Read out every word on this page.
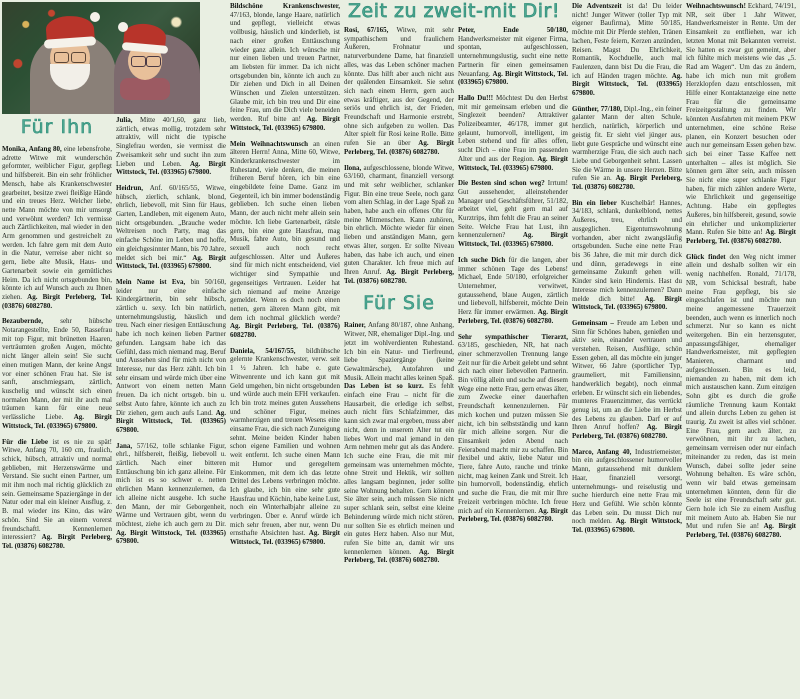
Zeit zu zweit-mit Dir!
Für Ihn

Monika, Anfang 80, eine lebensfrohe, adrette Witwe mit wunderschön geformter, weiblicher Figur, gepflegt und hilfsbereit. Bin ein sehr fröhlicher Mensch, habe als Krankenschwester gearbeitet, besitze zwei fleißige Hände und ein treues Herz. Welcher liebe, nette Mann möchte von mir umsorgt und verwöhnt werden? Ich vermisse auch Zärtlichkeiten, mal wieder in den Arm genommen und gestreichelt zu werden. Ich fahre gern mit dem Auto in die Natur, verreise aber nicht so gern, liebe alte Musik, Haus- und Gartenarbeit sowie ein gemütliches Heim. Da ich nicht ortsgebunden bin, könnte ich auf Wunsch auch zu Ihnen ziehen. Ag. Birgit Perleberg, Tel. (03876) 6082780.

Bezaubernde, sehr hübsche Notarangestellte, Ende 50, Rassefrau mit top Figur, mit brünetten Haaren, verträumten großen Augen, möchte nicht länger allein sein! Sie sucht einen mutigen Mann, der keine Angst vor einer schönen Frau hat. Sie ist sanft, anschmiegsam, zärtlich, kuschelig und wünscht sich einen normalen Mann, der mit ihr auch mal träumen kann für eine neue verlässliche Liebe. Ag. Birgit Wittstock, Tel. (033965) 679800.

Für die Liebe ist es nie zu spät! Witwe, Anfang 70, 160 cm, fraulich, schick, hübsch, attraktiv und normal geblieben, mit Herzenswärme und Verstand. Sie sucht einen Partner, um mit ihm noch mal richtig glücklich zu sein. Gemeinsame Spaziergänge in der Natur oder mal ein kleiner Ausflug, z. B. mal wieder ins Kino, das wäre schön. Sind Sie an einem vorerst freundschaftl. Kennenlernen interessiert? Ag. Birgit Perleberg, Tel. (03876) 6082780.

Julia, Mitte 40/1,60, ganz lieb, zärtlich, etwas mollig, trotzdem sehr attraktiv, will nicht die typische Singlefrau werden, sie vermisst die Zweisamkeit sehr und sucht ihn zum Lieben und Leben. Ag. Birgit Wittstock, Tel. (033965) 679800.

Heidrun, Anf. 60/165/55, Witwe, hübsch, zierlich, schlank, blond, ehrlich, liebevoll, mit Sinn für Haus, Garten, Landleben, mit eigenem Auto, nicht ortsgebunden. „Brauche weder Weltreisen noch Party, mag das einfache Schöne im Leben und hoffe, ein gleichgesinnter Mann, bis 70 Jahre, meldet sich bei mir.“ Ag. Birgit Wittstock, Tel. (033965) 679800.

Mein Name ist Eva, bin 50/160, leider nur eine einfache Kindergärtnerin, bin sehr hübsch, zärtlich u. sexy. Ich bin natürlich, unternehmungslustig, häuslich und treu. Nach einer riesigen Enttäuschung habe ich noch keinen lieben Partner gefunden. Langsam habe ich das Gefühl, dass mich niemand mag. Beruf und Aussehen sind für mich nicht von Interesse, nur das Herz zählt. Ich bin sehr einsam und würde mich über eine Antwort von einem netten Mann freuen. Da ich nicht ortsgeb. bin u. selbst Auto fahre, könnte ich auch zu Dir ziehen, gern auch aufs Land. Ag. Birgit Wittstock, Tel. (033965) 679800.

Jana, 57/162, tolle schlanke Figur, ehrl., hilfsbereit, fleißig, liebevoll u. zärtlich. Nach einer bitteren Enttäuschung bin ich ganz alleine. Für mich ist es so schwer e. netten ehrlichen Mann kennenzulernen, da ich alleine nicht ausgehe. Ich suche den Mann, der mir Geborgenheit, Wärme und Vertrauen gibt, wenn du möchtest, ziehe ich auch gern zu Dir. Ag. Birgit Wittstock, Tel. (033965) 679800.

Bildschöne Krankenschwester, 47/163, blonde, lange Haare, natürlich und gepflegt, vielleicht etwas vollbusig, häuslich und kinderlieb, ist nach einer großen Enttäuschung wieder ganz allein. Ich wünsche mir nur einen lieben und treuen Partner, am liebsten für immer. Da ich nicht ortsgebunden bin, könnte ich auch zu Dir ziehen und Dich in all Deinen Wünschen und Zielen unterstützen. Glaube mir, ich bin treu und Dir eine feine Frau, um die Dich viele beneiden werden. Ruf bitte an! Ag. Birgit Wittstock, Tel. (033965) 679800.

Mein Weihnachtswunsch an einen älteren Herrn! Anna, Mitte 60, Witwe, Kinderkrankenschwester im Ruhestand, viele denken, die meinen früheren Beruf hören, ich bin eine eingebildete feine Dame. Ganz im Gegenteil, ich bin immer bodenständig geblieben. Ich suche einen lieben Mann, der auch nicht mehr allein sein möchte. Ich liebe Gartenarbeit, rätsle gern, bin eine gute Hausfrau, mag Musik, fahre Auto, bin gesund und sexuell auch noch recht aufgeschlossen. Alter und Äußeres sind für mich nicht entscheidend, viel wichtiger sind Sympathie und gegenseitiges Vertrauen. Leider hat sich niemand auf meine Anzeige gemeldet. Wenn es doch noch einen netten, gern älteren Mann gibt, mit dem ich nochmal glücklich werde? Ag. Birgit Perleberg, Tel. (03876) 6082780.

Daniela, 54/167/55, bildhübsche gelernte Krankenschwester, verw. seit 1 ½ Jahren. Ich habe e. gute Witwenrente und ich kann gut mit Geld umgehen, bin nicht ortsgebunden und würde auch mein EFH verkaufen. Ich bin trotz meines guten Aussehens und schöner Figur, meines warmherzigen und treuen Wesens eine einsame Frau, die sich nach Zuneigung sehnt. Meine beiden Kinder haben schon eigene Familien und wohnen weit entfernt. Ich suche einen Mann mit Humor und geregeltem Einkommen, mit dem ich das letzte Drittel des Lebens verbringen möchte. Ich glaube, ich bin eine sehr gute Hausfrau und Köchin, habe keine Lust, noch ein Winterhalbjahr alleine zu verbringen. Über e. Anruf würde ich mich sehr freuen, aber nur, wenn Du ernsthafte Absichten hast. Ag. Birgit Wittstock, Tel. (033965) 679800.

Rosi, 67/165, Witwe, mit sehr sympathischem und fraulichem Äußeren, Frohnatur und naturverbundene Dame, hat finanziell alles, was das Leben schöner machen könnte. Das hilft aber auch nicht aus der quälenden Einsamkeit. Sie sehnt sich nach einem Herrn, gern auch etwas kräftiger, aus der Gegend, der seriös und ehrlich ist, der Frieden, Freundschaft und Harmonie erstrebt, ohne sich aufgeben zu wollen. Das Alter spielt für Rosi keine Rolle. Bitte rufen Sie an über Ag. Birgit Perleberg, Tel. (03876) 6082780.

Ilona, aufgeschlossene, blonde Witwe, 63/160, charmant, finanziell versorgt und mit sehr weiblicher, schlanker Figur. Bin eine treue Seele, noch ganz vom alten Schlag, in der Lage Spaß zu haben, habe auch ein offenes Ohr für meine Mitmenschen. Kann zuhören, bin ehrlich. Möchte wieder für einen lieben und anständigen Mann, gern etwas älter, sorgen. Er sollte Niveau haben, das habe ich auch, und einen guten Charakter. Ich freue mich auf Ihren Anruf. Ag. Birgit Perleberg, Tel. (03876) 6082780.

Für Sie

Rainer, Anfang 80/187, ohne Anhang, Witwer, NR, ehemaliger Dipl.-Ing. und jetzt im wohlverdienten Ruhestand. Ich bin ein Natur- und Tierfreund, liebe Spaziergänge (keine Gewaltmärsche), Autofahren und Musik. Allein macht alles keinen Spaß. Das Leben ist so kurz. Es fehlt einfach eine Frau – nicht für die Hausarbeit, die erledige ich selbst, auch nicht fürs Schlafzimmer, das kann sich zwar mal ergeben, muss aber nicht, denn in unserem Alter tut ein liebes Wort und mal jemand in den Arm nehmen mehr gut als das Andere. Ich suche eine Frau, die mit mir gemeinsam was unternehmen möchte, ohne Streit und Hektik, wir sollten alles langsam beginnen, jeder sollte seine Wohnung behalten. Gern können Sie älter sein, auch müssen Sie nicht super schlank sein, selbst eine kleine Behinderung würde mich nicht stören, nur sollten Sie es ehrlich meinen und ein gutes Herz haben. Also nur Mut, rufen Sie bitte an, damit wir uns kennenlernen können. Ag. Birgit Perleberg, Tel. (03876) 6082780.

Peter, Ende 50/180, Handwerksmeister mit eigener Firma, spontan, aufgeschlossen, unternehmungslustig, sucht eine nette Partnerin für einen gemeinsamen Neuanfang. Ag. Birgit Wittstock, Tel. (033965) 679800.

Hallo Du!!! Möchtest Du den Herbst mit mir gemeinsam erleben und die Singlezeit beenden? Attraktiver Polizeibeamter, 46/178, immer gut gelaunt, humorvoll, intelligent, im Leben stehend und für alles offen, sucht Dich – eine Frau im passenden Alter und aus der Region. Ag. Birgit Wittstock, Tel. (033965) 679800.

Die Besten sind schon weg? Irrtum! Gut aussehender, alleinstehender Manager und Geschäftsführer, 51/182, arbeitet viel, geht gern mal auf Kurztrips, ihm fehlt die Frau an seiner Seite. Welche Frau hat Lust, ihn kennenzulernen? Ag. Birgit Wittstock, Tel. (033965) 679800.

Ich suche Dich für die langen, aber immer schönen Tage des Lebens! Michael, Ende 50/180, erfolgreicher Unternehmer, verwitwet, gutaussehend, blaue Augen, zärtlich und liebevoll, hilfsbereit, möchte Dein Herz für immer erwärmen. Ag. Birgit Perleberg, Tel. (03876) 6082780.

Sehr sympathischer Tierarzt, 63/185, geschieden, NR, hat nach einer schmerzvollen Trennung lange Zeit nur für die Arbeit gelebt und sehnt sich nach einer liebevollen Partnerin. Bin völlig allein und suche auf diesem Wege eine nette Frau, gern etwas älter, zum Zwecke einer dauerhaften Freundschaft kennenzulernen. Für mich kochen und putzen müssen Sie nicht, ich bin selbstständig und kann für mich alleine sorgen. Nur die Einsamkeit jeden Abend nach Feierabend macht mir zu schaffen. Bin flexibel und aktiv, liebe Natur und Tiere, fahre Auto, rauche und trinke nicht, mag keinen Zank und Streit. Ich bin humorvoll, bodenständig, ehrlich und suche die Frau, die mit mir Ihre Freizeit verbringen möchte. Ich freue mich auf ein Kennenlernen. Ag. Birgit Perleberg, Tel. (03876) 6082780.

Die Adventszeit ist da! Du leider nicht! Junger Witwer (toller Typ mit eigener Baufirma), Mitte 50/185, möchte mit Dir Pferde stehlen, Tränen lachen, Feste feiern, Kerzen anzünden, Reisen. Magst Du Ehrlichkeit, Romantik, Kochduelle, auch mal Faulenzen, dann bist Du die Frau, die ich auf Händen tragen möchte. Ag. Birgit Wittstock, Tel. (033965) 679800.

Günther, 77/180, Dipl.-Ing., ein feiner galanter Mann der alten Schule, herzlich, natürlich, körperlich und geistig fit. Er sieht viel jünger aus, liebt gute Gespräche und wünscht eine warmherzige Frau, die sich auch nach Liebe und Geborgenheit sehnt. Lassen Sie die Wärme in unsere Herzen. Bitte rufen Sie an. Ag. Birgit Perleberg, Tel. (03876) 6082780.

Bin ein lieber Kuschelbär! Hannes, 34/183, schlank, dunkelblond, nettes Äußeres, treu, ehrlich und ausgeglichen. Eigentumswohnung vorhanden, aber nicht zwangsläufig ortsgebunden. Suche eine nette Frau bis 36 Jahre, die mit mir durch dick und dünn, geradewegs in eine gemeinsame Zukunft gehen will. Kinder sind kein Hindernis. Hast du Interesse mich kennenzulernen? Dann melde dich bitte! Ag. Birgit Wittstock, Tel. (033965) 679800.

Gemeinsam – Freude am Leben und Sinn für Schönes haben, genießen und aktiv sein, einander vertrauen und verstehen. Reisen, Ausflüge, schön Essen gehen, all das möchte ein junger Witwer, 66 Jahre (sportlicher Typ, graumeliert, mit Familiensinn, handwerklich begabt), noch einmal erleben. Er wünscht sich ein liebendes, munteres Frauenzimmer, das verrückt genug ist, um an die Liebe im Herbst des Lebens zu glauben. Darf er auf Ihren Anruf hoffen? Ag. Birgit Perleberg, Tel. (03876) 6082780.

Marco, Anfang 40, Industriemeister, bin ein aufgeschlossener humorvoller Mann, gutaussehend mit dunklem Haar, finanziell versorgt, unternehmungs- und reiselustig und suche hierdurch eine nette Frau mit Herz und Gefühl. Wie schön könnte das Leben sein. Du musst Dich nur noch melden. Ag. Birgit Wittstock, Tel. (033965) 679800.

Weihnachtswunsch! Eckhard, 74/191, NR, seit über 1 Jahr Witwer, Handwerksmeister in Rente. Um der Einsamkeit zu entfliehen, war ich letzten Monat mit Bekannten verreist. Sie hatten es zwar gut gemeint, aber ich fühlte mich meistens wie das „5. Rad am Wagen“. Um das zu ändern, habe ich mich nun mit großem Herzklopfen dazu entschlossen, mit Hilfe einer Kontaktanzeige eine nette Frau für die gemeinsame Freizeitgestaltung zu finden. Wir könnten Ausfahrten mit meinem PKW unternehmen, eine schöne Reise planen, ein Konzert besuchen oder auch nur gemeinsam Essen gehen bzw. sich bei einer Tasse Kaffee nett unterhalten – alles ist möglich. Sie können gern älter sein, auch müssen Sie nicht eine super schlanke Figur haben, für mich zählen andere Werte, wie Ehrlichkeit und gegenseitige Achtung. Habe ein gepflegtes Äußeres, bin hilfsbereit, gesund, sowie ein ehrlicher und unkomplizierter Mann. Rufen Sie bitte an! Ag. Birgit Perleberg, Tel. (03876) 6082780.

Glück findet den Weg nicht immer allein und deshalb sollten wir ein wenig nachhelfen. Ronald, 71/178, NR, vom Schicksal bestraft, habe meine Frau gepflegt, bis sie eingeschlafen ist und möchte nun meine angemessene Trauerzeit beenden, auch wenn es innerlich noch schmerzt. Nur so kann es nicht weitergehen. Bin ein herzensguter, anpassungsfähiger, ehemaliger Handwerksmeister, mit gepflegten Manieren, charmant und aufgeschlossen. Bin es leid, niemanden zu haben, mit dem ich mich austauschen kann. Zum einzigen Sohn gibt es durch die große räumliche Trennung kaum Kontakt und allein durchs Leben zu gehen ist traurig. Zu zweit ist alles viel schöner. Eine Frau, gern auch älter, zu verwöhnen, mit ihr zu lachen, gemeinsam verreisen oder nur einfach miteinander zu reden, das ist mein Wunsch, dabei sollte jeder seine Wohnung behalten. Es wäre schön, wenn wir bald etwas gemeinsam unternehmen könnten, denn für die Seele ist eine Freundschaft sehr gut. Gern hole ich Sie zu einem Ausflug mit meinem Auto ab. Haben Sie nur Mut und rufen Sie an! Ag. Birgit Perleberg, Tel. (03876) 6082780.
